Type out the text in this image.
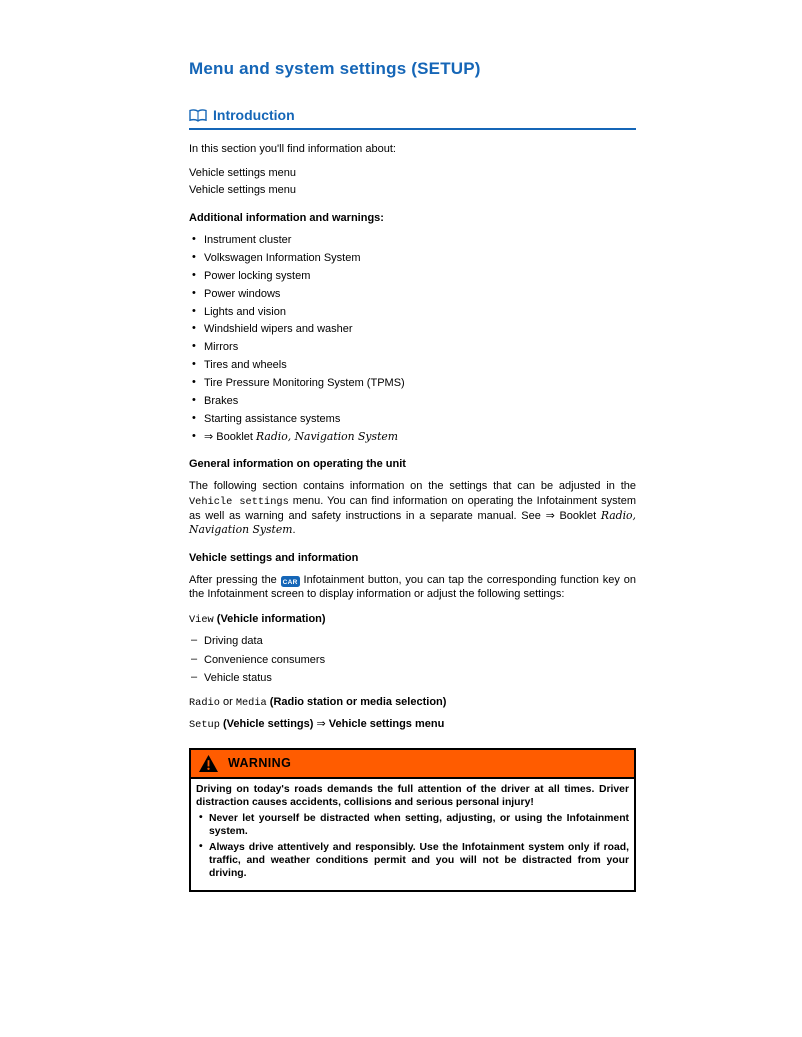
Menu and system settings (SETUP)
Introduction

In this section you'll find information about:

Vehicle settings menu

Vehicle settings menu

Additional information and warnings:
• Instrument cluster
• Volkswagen Information System
• Power locking system
• Power windows
• Lights and vision
• Windshield wipers and washer
• Mirrors
• Tires and wheels
• Tire Pressure Monitoring System (TPMS)
• Brakes
• Starting assistance systems
• ⇒ Booklet Radio, Navigation System
General information on operating the unit

The following section contains information on the settings that can be adjusted in the Vehicle settings menu. You can find information on operating the Infotainment system as well as warning and safety instructions in a separate manual. See ⇒ Booklet Radio, Navigation System.

Vehicle settings and information

After pressing the CAR Infotainment button, you can tap the corresponding function key on the Infotainment screen to display information or adjust the following settings:

View (Vehicle information)

– Driving data
– Convenience consumers
– Vehicle status

Radio or Media (Radio station or media selection)

Setup (Vehicle settings) ⇒ Vehicle settings menu

WARNING

Driving on today's roads demands the full attention of the driver at all times. Driver distraction causes accidents, collisions and serious personal injury!

• Never let yourself be distracted when setting, adjusting, or using the Infotainment system.
• Always drive attentively and responsibly. Use the Infotainment system only if road, traffic, and weather conditions permit and you will not be distracted from your driving.
